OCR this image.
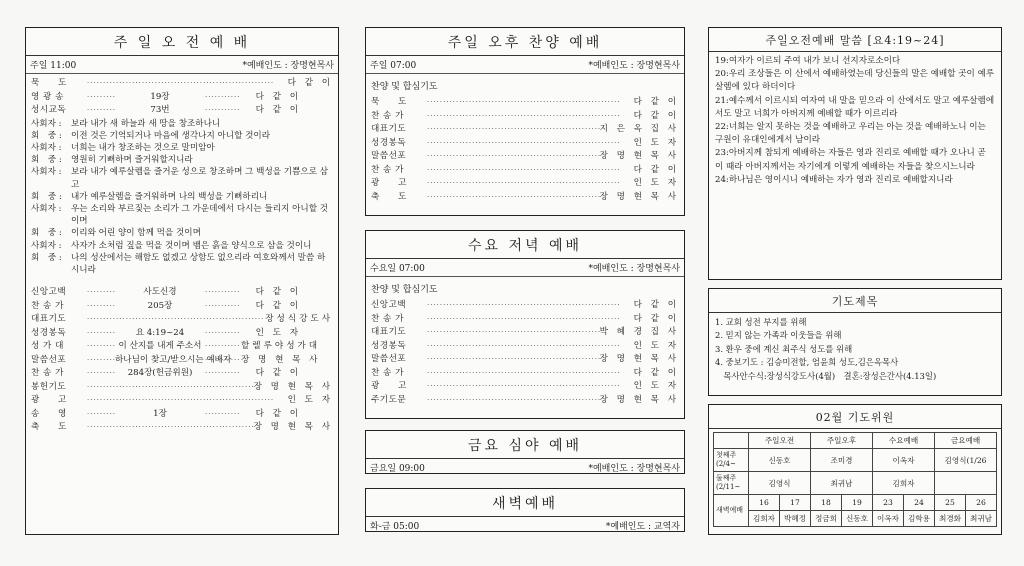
주 일 오 전 예 배
주일 11:00	*예배인도 : 장명현목사
묵　　도 ·····	다 같 이
영 광 송 ·····	19장 ·····	다 같 이
성시교독 ·····	73번 ·····	다 같 이
사회자 :	보라 내가 새 하늘과 새 땅을 창조하나니
회　중 :	이전 것은 기억되거나 마음에 생각나지 아니할 것이라
사회자 :	너희는 내가 창조하는 것으로 말미암아
회　중 :	영원히 기뻐하며 즐거워할지니라
사회자 :	보라 내가 예루살렘을 즐거운 성으로 창조하며 그 백성을 기쁨으로 삼고
회　중 :	내가 예루살렘을 즐거워하며 나의 백성을 기뻐하리니
사회자 :	우는 소리와 부르짖는 소리가 그 가운데에서 다시는 들리지 아니할 것이며
회　중 :	이리와 어린 양이 함께 먹을 것이며
사회자 :	사자가 소처럼 짚을 먹을 것이며 뱀은 흙을 양식으로 삼을 것이니
회　중 :	나의 성산에서는 해함도 없겠고 상함도 없으리라 여호와께서 말씀 하시니라
신앙고백 ·····	사도신경 ·····	다 같 이
찬 송 가 ·····	205장 ·····	다 같 이
대표기도 ·····	장성식강도사
성경봉독 ·····	요 4:19~24 ·····	인 도 자
성 가 대 ·····	이 산지를 내게 주소서 ·····	할렐루야성가대
말씀선포 ·····	하나님이 찾고/받으시는 예배자 ····· 장 명 현 목 사
찬 송 가 ·····	284장(헌금위원) ·····	다 같 이
봉헌기도 ·····	장 명 현 목 사
광　　고 ·····	인 도 자
송　　영 ·····	1장 ·····	다 같 이
축　　도 ·····	장 명 현 목 사
주일 오후 찬양 예배
주일 07:00	*예배인도 : 장명현목사
찬양 및 합심기도
묵　　도 ·····	다 같 이
찬 송 가 ·····	다 같 이
대표기도 ·····	지 은 옥 집 사
성경봉독 ·····	인 도 자
말씀선포 ·····	장 명 현 목 사
찬 송 가 ·····	다 같 이
광　　고 ·····	인 도 자
축　　도 ·····	장 명 현 목 사
수요 저녁 예배
수요일 07:00	*예배인도 : 장명현목사
찬양 및 합심기도
신앙고백 ·····	다 같 이
찬 송 가 ·····	다 같 이
대표기도 ·····	박 혜 경 집 사
성경봉독 ·····	인 도 자
말씀선포 ·····	장 명 현 목 사
찬 송 가 ·····	다 같 이
광　　고 ·····	인 도 자
주기도문 ·····	장 명 현 목 사
금요 심야 예배
금요일 09:00	*예배인도 : 장명현목사
새벽예배
화-금 05:00	*예배인도 : 교역자
주일오전예배 말씀 [요4:19~24]
19:여자가 이르되 주여 내가 보니 선지자로소이다
20:우리 조상들은 이 산에서 예배하였는데 당신들의 말은 예배할 곳이 예루살렘에 있다 하더이다
21:예수께서 이르시되 여자여 내 말을 믿으라 이 산에서도 말고 예루살렘에서도 말고 너희가 아버지께 예배할 때가 이르리라
22:너희는 알지 못하는 것을 예배하고 우리는 아는 것을 예배하노니 이는 구원이 유대인에게서 남이라
23:아버지께 참되게 예배하는 자들은 영과 진리로 예배할 때가 오나니 곧 이 때라 아버지께서는 자기에게 이렇게 예배하는 자들을 찾으시느니라
24:하나님은 영이시니 예배하는 자가 영과 진리로 예배할지니라
기도제목
1. 교회 성전 부지를 위해
2. 믿지 않는 가족과 이웃들을 위해
3. 환우 중에 계신 최주식 성도를 위해
4. 중보기도 : 김승미전할, 엄윤희 성도,김은옥목사
　목사안수식:장성식강도사(4월)　결혼:장성은간사(4.13일)
02월 기도위원
	주일오전		주일오후		수요예배		금요예배	
첫째주 (2/4~	신동호		조미경		이옥자		김영식(1/26	
둘째주 (2/11~	김영식		최귀남		김희자			
새벽예배	16	17	18	19	23	24	25	26
	김희자	박혜정	정금희	신동호	이옥자	김학용	최경화	최귀남
